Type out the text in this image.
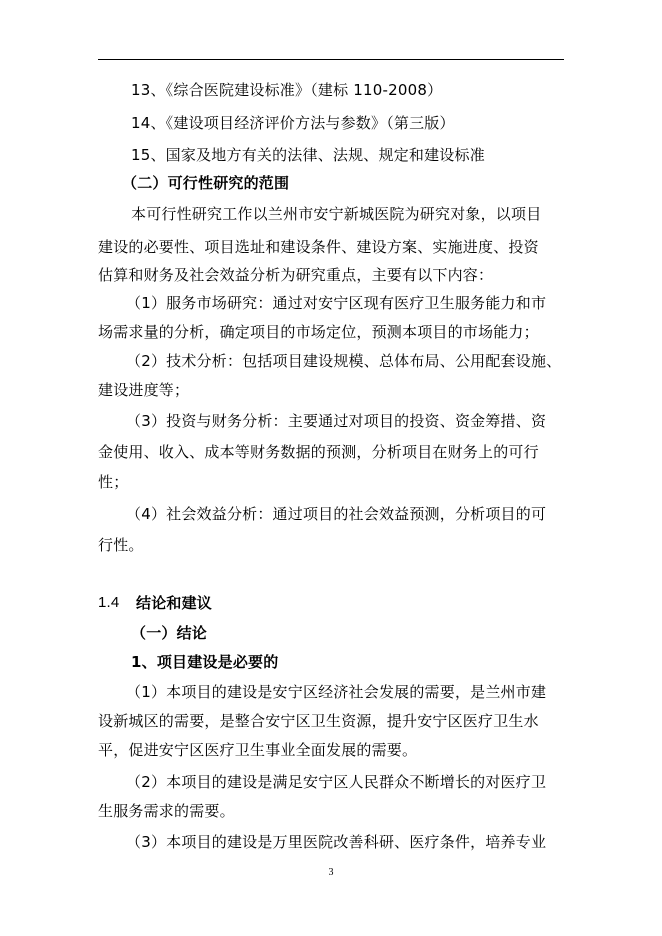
13、《综合医院建设标准》（建标 110-2008）

14、《建设项目经济评价方法与参数》（第三版）

15、国家及地方有关的法律、法规、规定和建设标准

（二）可行性研究的范围

本可行性研究工作以兰州市安宁新城医院为研究对象，以项目

建设的必要性、项目选址和建设条件、建设方案、实施进度、投资

估算和财务及社会效益分析为研究重点，主要有以下内容：

（1）服务市场研究：通过对安宁区现有医疗卫生服务能力和市

场需求量的分析，确定项目的市场定位，预测本项目的市场能力；

（2）技术分析：包括项目建设规模、总体布局、公用配套设施、

建设进度等；

（3）投资与财务分析：主要通过对项目的投资、资金筹措、资

金使用、收入、成本等财务数据的预测，分析项目在财务上的可行

性；

（4）社会效益分析：通过项目的社会效益预测，分析项目的可

行性。

1.4 结论和建议

（一）结论

1、项目建设是必要的

（1）本项目的建设是安宁区经济社会发展的需要，是兰州市建

设新城区的需要，是整合安宁区卫生资源，提升安宁区医疗卫生水

平，促进安宁区医疗卫生事业全面发展的需要。

（2）本项目的建设是满足安宁区人民群众不断增长的对医疗卫

生服务需求的需要。

（3）本项目的建设是万里医院改善科研、医疗条件，培养专业

3
